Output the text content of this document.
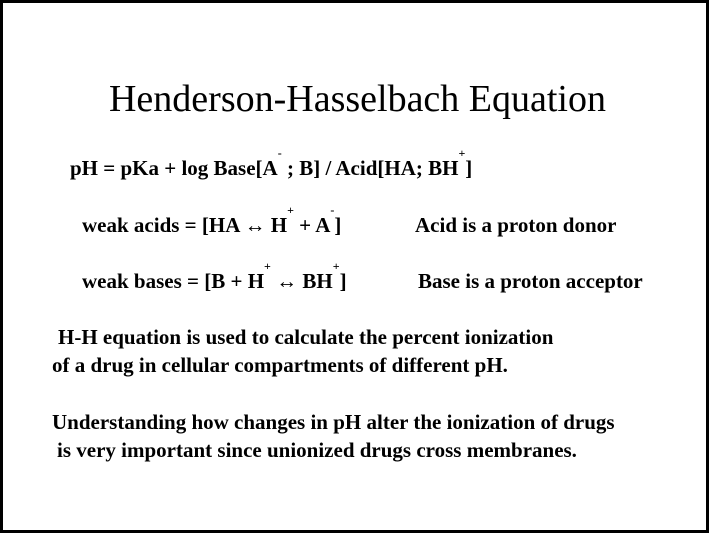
Henderson-Hasselbach Equation
pH = pKa + log Base[A- ; B] / Acid[HA; BH+]
weak acids = [HA ↔ H+ + A-]	Acid is a proton donor
weak bases = [B + H+ ↔ BH+]	Base is a proton acceptor
H-H equation is used to calculate the percent ionization
of a drug in cellular compartments of different pH.
Understanding how changes in pH alter the ionization of drugs
is very important since unionized drugs cross membranes.
